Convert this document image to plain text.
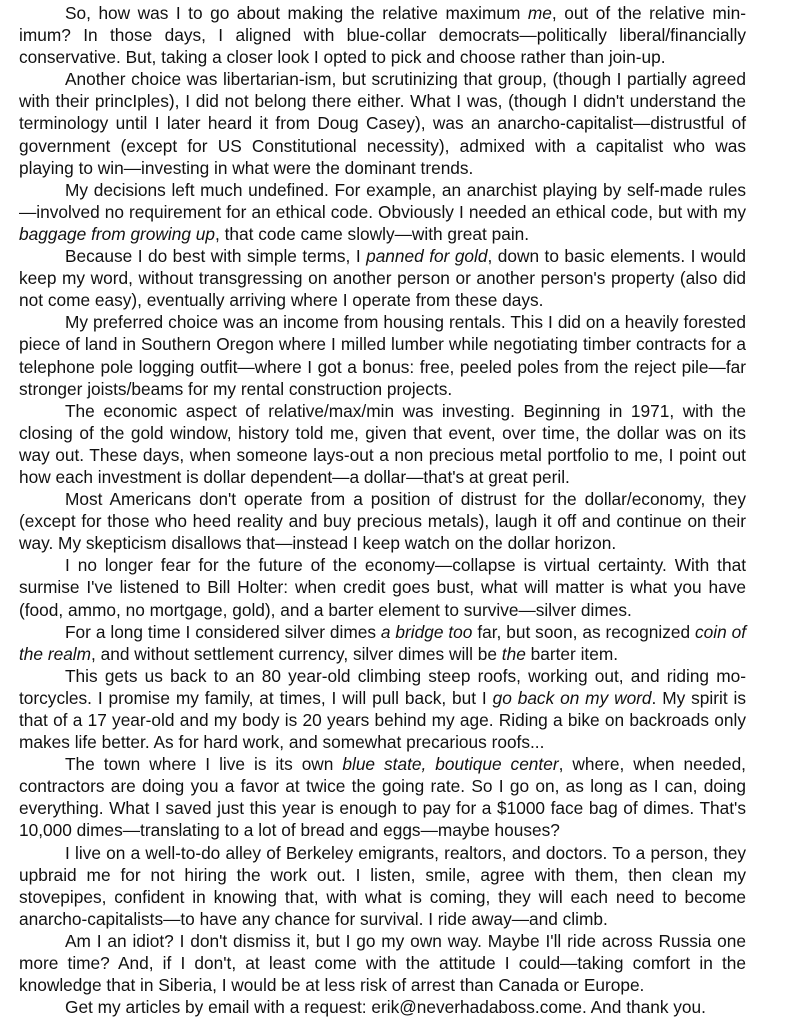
So, how was I to go about making the relative maximum me, out of the relative minimum? In those days, I aligned with blue-collar democrats—politically liberal/financially conservative. But, taking a closer look I opted to pick and choose rather than join-up.

Another choice was libertarian-ism, but scrutinizing that group, (though I partially agreed with their princIples), I did not belong there either. What I was, (though I didn't understand the terminology until I later heard it from Doug Casey), was an anarcho-capitalist—distrustful of government (except for US Constitutional necessity), admixed with a capitalist who was playing to win—investing in what were the dominant trends.

My decisions left much undefined. For example, an anarchist playing by self-made rules—involved no requirement for an ethical code. Obviously I needed an ethical code, but with my baggage from growing up, that code came slowly—with great pain.

Because I do best with simple terms, I panned for gold, down to basic elements. I would keep my word, without transgressing on another person or another person's property (also did not come easy), eventually arriving where I operate from these days.

My preferred choice was an income from housing rentals. This I did on a heavily forested piece of land in Southern Oregon where I milled lumber while negotiating timber contracts for a telephone pole logging outfit—where I got a bonus: free, peeled poles from the reject pile—far stronger joists/beams for my rental construction projects.

The economic aspect of relative/max/min was investing. Beginning in 1971, with the closing of the gold window, history told me, given that event, over time, the dollar was on its way out. These days, when someone lays-out a non precious metal portfolio to me, I point out how each investment is dollar dependent—a dollar—that's at great peril.

Most Americans don't operate from a position of distrust for the dollar/economy, they (except for those who heed reality and buy precious metals), laugh it off and continue on their way. My skepticism disallows that—instead I keep watch on the dollar horizon.

I no longer fear for the future of the economy—collapse is virtual certainty. With that surmise I've listened to Bill Holter: when credit goes bust, what will matter is what you have (food, ammo, no mortgage, gold), and a barter element to survive—silver dimes.

For a long time I considered silver dimes a bridge too far, but soon, as recognized coin of the realm, and without settlement currency, silver dimes will be the barter item.

This gets us back to an 80 year-old climbing steep roofs, working out, and riding motorcycles. I promise my family, at times, I will pull back, but I go back on my word. My spirit is that of a 17 year-old and my body is 20 years behind my age. Riding a bike on backroads only makes life better. As for hard work, and somewhat precarious roofs...

The town where I live is its own blue state, boutique center, where, when needed, contractors are doing you a favor at twice the going rate. So I go on, as long as I can, doing everything. What I saved just this year is enough to pay for a $1000 face bag of dimes. That's 10,000 dimes—translating to a lot of bread and eggs—maybe houses?

I live on a well-to-do alley of Berkeley emigrants, realtors, and doctors. To a person, they upbraid me for not hiring the work out. I listen, smile, agree with them, then clean my stovepipes, confident in knowing that, with what is coming, they will each need to become anarcho-capitalists—to have any chance for survival. I ride away—and climb.

Am I an idiot? I don't dismiss it, but I go my own way. Maybe I'll ride across Russia one more time? And, if I don't, at least come with the attitude I could—taking comfort in the knowledge that in Siberia, I would be at less risk of arrest than Canada or Europe.

Get my articles by email with a request: erik@neverhadaboss.come. And thank you.
